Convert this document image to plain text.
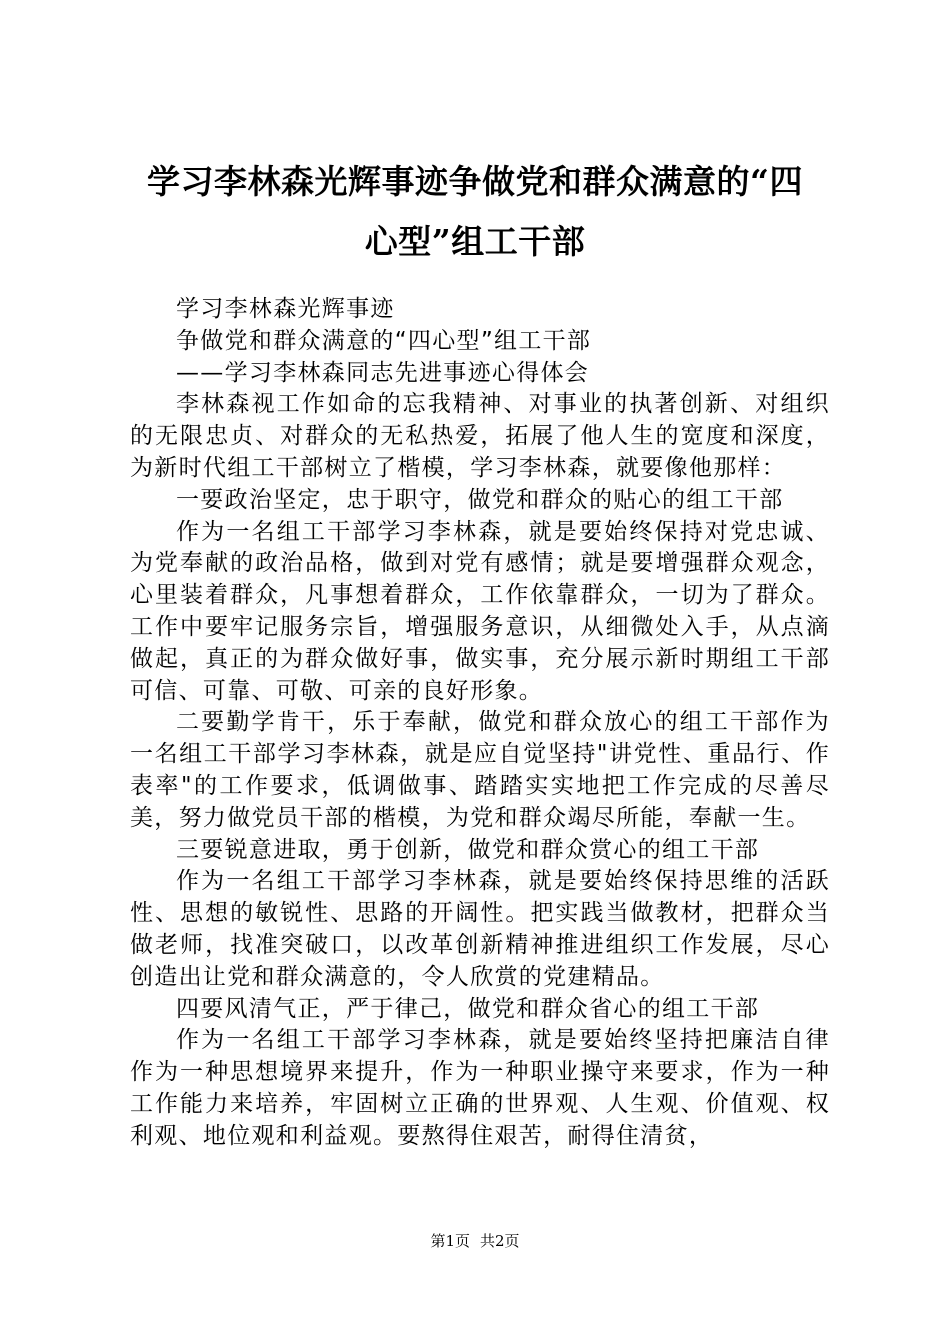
学习李林森光辉事迹争做党和群众满意的“四
心型”组工干部

学习李林森光辉事迹

争做党和群众满意的“四心型”组工干部

——学习李林森同志先进事迹心得体会

李林森视工作如命的忘我精神、对事业的执著创新、对组织的无限忠贞、对群众的无私热爱，拓展了他人生的宽度和深度，为新时代组工干部树立了楷模，学习李林森，就要像他那样：

一要政治坚定，忠于职守，做党和群众的贴心的组工干部

作为一名组工干部学习李林森，就是要始终保持对党忠诚、为党奉献的政治品格，做到对党有感情；就是要增强群众观念，心里装着群众，凡事想着群众，工作依靠群众，一切为了群众。工作中要牢记服务宗旨，增强服务意识，从细微处入手，从点滴做起，真正的为群众做好事，做实事，充分展示新时期组工干部可信、可靠、可敬、可亲的良好形象。

二要勤学肯干，乐于奉献，做党和群众放心的组工干部作为一名组工干部学习李林森，就是应自觉坚持"讲党性、重品行、作表率"的工作要求，低调做事、踏踏实实地把工作完成的尽善尽美，努力做党员干部的楷模，为党和群众竭尽所能，奉献一生。

三要锐意进取，勇于创新，做党和群众赏心的组工干部

作为一名组工干部学习李林森，就是要始终保持思维的活跃性、思想的敏锐性、思路的开阔性。把实践当做教材，把群众当做老师，找准突破口，以改革创新精神推进组织工作发展，尽心创造出让党和群众满意的，令人欣赏的党建精品。

四要风清气正，严于律己，做党和群众省心的组工干部

作为一名组工干部学习李林森，就是要始终坚持把廉洁自律作为一种思想境界来提升，作为一种职业操守来要求，作为一种工作能力来培养，牢固树立正确的世界观、人生观、价值观、权利观、地位观和利益观。要熬得住艰苦，耐得住清贫，

第1页 共2页
